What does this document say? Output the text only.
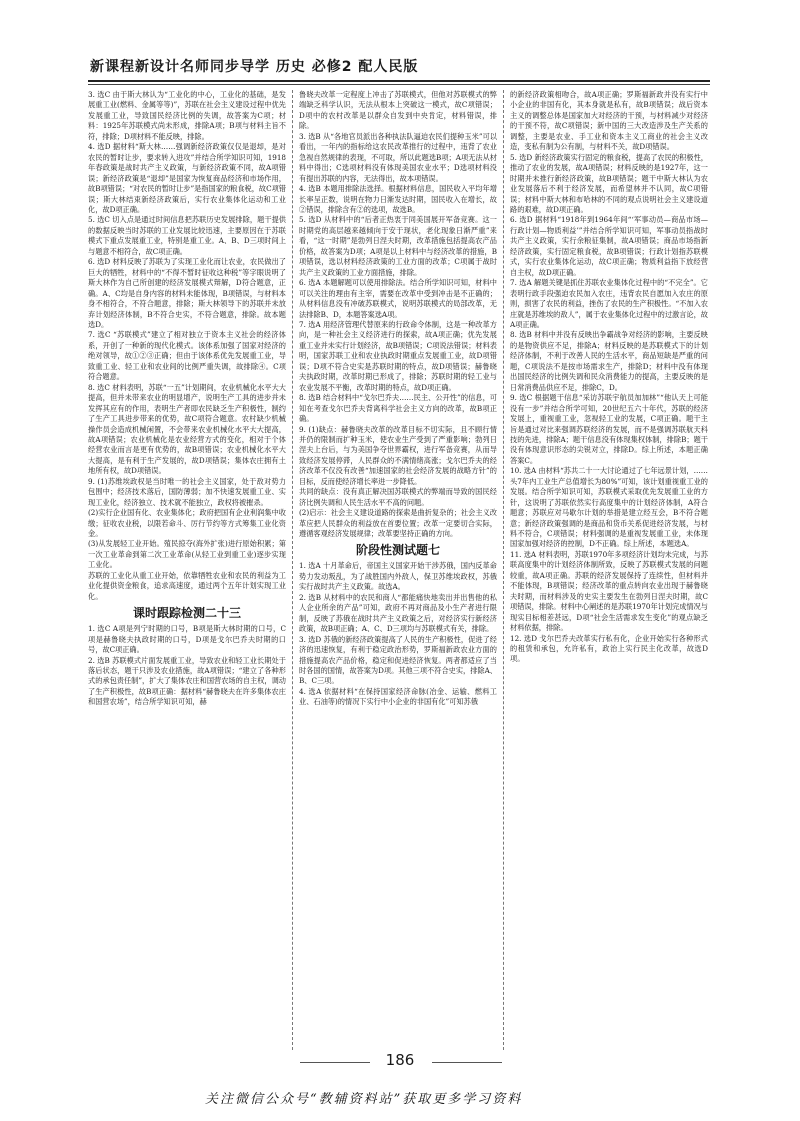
新课程新设计名师同步导学 历史 必修2 配人民版

3. 选C 由于斯大林认为“工业化的中心，工业化的基础，是发展重工业(燃料、金属等等)”，苏联在社会主义建设过程中优先发展重工业，导致国民经济比例的失调，故答案为C项；材料：1925年苏联模式尚未形成，排除A项；B项与材料主旨不符，排除；D项材料不能反映，排除。

4. 选D 据材料“斯大林……强调新经济政策仅仅是退却，是对农民的暂时让步，要求转入进攻”并结合所学知识可知，1918年春政策是战时共产主义政策，与新经济政策不同，故A项错误；新经济政策是“退却”是国家为恢复商品经济和市场作用，故B项错误；“对农民的暂时让步”是指国家的粮食税，故C项错误；斯大林结束新经济政策后，实行农业集体化运动和工业化，故D项正确。

5. 选C 切入点是通过时间信息把苏联历史发展排除，题干提供的数据反映当时苏联的工业发展比较迅速，主要原因在于苏联模式下重点发展重工业，特别是重工业。A、B、D三项时间上与题意不相符合，故C项正确。

6. 选D 材料反映了苏联为了实现工业化而让农业，农民做出了巨大的牺牲，材料中的“不得不暂时征收这种税”等字眼说明了斯大林作为自己所创建的经济发展模式辩解，D符合题意，正确。A、C均是自身内容的材料未能体现，B项错误，与材料本身不相符合，不符合题意，排除；斯大林领导下的苏联并未放弃计划经济体制，B不符合史实，不符合题意，排除。故本题选D。

7. 选C “苏联模式”建立了相对独立于资本主义社会的经济体系，开创了一种新的现代化模式。该体系加强了国家对经济的绝对领导，故①②③正确；但由于该体系优先发展重工业，导致重工业、轻工业和农业间的比例严重失调，故排除④。C项符合题意。

8. 选C 材料表明，苏联“一五”计划期间，农业机械化水平大大提高，但并未带来农业的明显增产，说明生产工具的进步并未发挥其应有的作用，表明生产者即农民缺乏生产积极性，制约了生产工具进步带来的优势，故C项符合题意。农村缺少机械操作员会造成机械闲置，不会带来农业机械化水平大大提高，故A项错误；农业机械化是农业经营方式的变化，相对于个体经营农业而言是更有优势的，故B项错误；农业机械化水平大大提高，是有利于生产发展的，故D项错误；集体农庄拥有土地所有权，故D项错误。

9. (1)苏维埃政权是当时唯一的社会主义国家，处于敌对势力包围中；经济技术落后，国防薄弱；加不快速发展重工业、实现工业化，经济独立、技术就不能独立，政权将被摧杀。

(2)实行企业国有化、农业集体化；政府把国有企业利润集中收缴；征收农业税，以限若命斗、厉行节约等方式筹集工业化资金。

(3)从发展轻工业开始。殖民掠夺(海外扩张)进行原始积累；第一次工业革命到第二次工业革命(从轻工业到重工业)逐步实现工业化。

苏联的工业化从重工业开始，依靠牺牲农业和农民的利益为工业化提供资金粮食，追求高速度，通过两个五年计划实现工业化。

课时跟踪检测二十三

1. 选C A项是列宁时期的口号，B项是斯大林时期的口号，C项是赫鲁晓夫执政时期的口号，D项是戈尔巴乔夫时期的口号，故C项正确。

2. 选B 苏联模式片面发展重工业，导致农业和轻工业长期处于落后状态，题干只涉及农业措施，故A项错误；“建立了各种形式的承包责任制”，扩大了集体农庄和国营农场的自主权，调动了生产积极性，故B项正确：据材料“赫鲁晓夫在许多集体农庄和国营农场”，结合所学知识可知，赫

鲁晓夫改革一定程度上冲击了苏联模式，但他对苏联模式的弊端缺乏科学认识，无法从根本上突破这一模式，故C项错误；D项中的农村改革是以群众自发到中央肯定，材料错误，排除。

3. 选B 从“各地官员派出各种执法队逼迫农民们提种玉米”可以看出，一年内的指标给这农民改革推行的过程中，违背了农业急视自然规律的表现，不可取，所以此题选B项；A项无法从材料中得出；C选项材料没有体现美国农业水平；D选项材料没有提出苏联的内容，无法得出，故本项错误。

4. 选B 本题用排除法选择。根据材料信息，国民收入平均年增长率呈正数，说明在物力日渐发达时期，国民收入在增长，故②错误，排除含有②的选项，故选B。

5. 选D 从材料中的“后者正热衷于同美国展开军备竞赛。这一时期党的高层越来越倾向于安于现状，老化现象日渐严重”来看，“这一时期”是勃列日涅夫时期，改革措施包括提高农产品价格，故答案为D项；A项是以上材料中与经济改革的措施，B项错误，选以材料经济政策的工业方面的改革；C项属于战时共产主义政策的工业方面措施，排除。

6. 选A 本题解题可以使用排除法。结合所学知识可知，材料中可以关注的理由有主宰，需要在改革中受到冲击是不正确的；从材料信息没有冲破苏联模式，说明苏联模式的局部改革，无法排除B、D，本题答案选A项。

7. 选A 用经济管理代替原来的行政命令体制，这是一种改革方向，是一种社会主义经济进行的探索，故A项正确；优先发展重工业并未实行计划经济，故B项错误；C项说法错误；材料表明，国家苏联工业和农业执政时期重点发展重工业，故D项错误；D项不符合史实是苏联时期的特点，故D项错误；赫鲁晓夫执政时期，改革时期已形成了，排除；苏联时期的轻工业与农业发展不平衡，改革时期的特点，故D项正确。

8. 选B 结合材料中“戈尔巴乔夫……民主、公开性”的信息，可知在考查戈尔巴乔夫背离科学社会主义方向的改革，故B项正确。

9. (1)缺点：赫鲁晓夫改革的改革目标不切实际，且不顾行情并仍的限制而扩种玉米，使农业生产受到了严重影响；勃列日涅夫上台后，与为美国争夺世界霸权，进行军备竞赛，从而导致经济发展停滞，人民群众的不满情绪高涨；戈尔巴乔夫的经济改革不仅没有改善“加速国家的社会经济发展的战略方针”的目标，反而使经济增长率进一步降低。

共同的缺点：没有真正解决国苏联模式的弊端而导致的国民经济比例失调和人民生活水平不高的问题。

(2)启示：社会主义建设道路的探索是曲折复杂的；社会主义改革应把人民群众的利益放在首要位置；改革一定要切合实际，遵循客观经济发展规律；改革要坚持正确的方向。

阶段性测试题七

1. 选A 十月革命后，帝国主义国家开始干涉苏俄，国内反革命势力发动叛乱，为了战胜国内外敌人，保卫苏维埃政权，苏俄实行战时共产主义政策。故选A。

2. 选B 从材料中的农民和商人“都能痛快地卖出并出售他的私人企业所余的产品”可知，政府不再对商品及小生产者进行限制，反映了苏俄在战时共产主义政策之后，对经济实行新经济政策，故B项正确；A、C、D三项均与苏联模式有关，排除。

3. 选D 苏俄的新经济政策提高了人民的生产积极性，促进了经济的迅速恢复，有利于稳定政治形势，罗斯福新政农业方面的措施提高农产品价格，稳定和促进经济恢复。两者都适应了当时各国的国情，故答案为D项。其他三项不符合史实，排除A、B、C三项。

4. 选A 依据材料“在保持国家经济命脉(冶金、运输、燃料工业、石油等)的情况下实行中小企业的非国有化”可知苏俄

的新经济政策相吻合，故A项正确；罗斯福新政并没有实行中小企业的非国有化，其本身就是私有，故B项错误；战后资本主义的调整总体是国家加大对经济的干预，与材料减少对经济的干预不符，故C项错误；新中国的三大改造涉及生产关系的调整，主要是农业、手工业和资本主义工商业的社会主义改造，变私有制为公有制，与材料不关，故D项错误。

5. 选D 新经济政策实行固定的粮食税，提高了农民的积极性，推动了农业的发展，故A项错误；材料反映的是1927年，这一时期并未推行新经济政策，故B项错误；题干中斯大林认为农业发展落后不利于经济发展，而希望林并不认同，故C项错误；材料中斯大林和布哈林的不同的观点说明社会主义建设道路的艰难，故D项正确。

6. 选D 据材料“1918年到1964年间“‘军事动员—商品市场—行政计划—物质利益’”并结合所学知识可知，军事动员指战时共产主义政策，实行余粮征集制，故A项错误；商品市场指新经济政策，实行固定粮食税，故B项错误；行政计划指苏联模式，实行农业集体化运动，故C项正确；物质利益指下放经营自主权，故D项正确。

7. 选A 解题关键是抓住苏联农业集体化过程中的“不完全”。它表明行政手段强迫农民加入农庄，违背农民自愿加入农庄的原则，损害了农民的利益，挫伤了农民的生产积极性。“不加入农庄就是苏维埃的敌人”，属于农业集体化过程中的过激言论，故A项正确。

8. 选B 材料中并没有反映出争霸战争对经济的影响，主要反映的是物资供应不足，排除A；材料反映的是苏联模式下的计划经济体制，不利于改善人民的生活水平，商品短缺是严重的问题，C项说法不是按市场需求生产，排除D；材料中没有体现出国民经济的比例失调和民众消费能力的提高，主要反映的是日常消费品供应不足，排除C，D。

9. 选C 根据题干信息“采访苏联宇航员加加林”“他认天上可能没有一步”并结合所学可知，20世纪五六十年代，苏联的经济发展上，重视重工业，忽视轻工业的发展，C项正确。题干主旨是通过对比来强调苏联经济的发展，而不是强调苏联航天科技的先进，排除A；题干信息没有体现集权体制，排除B；题干没有体现意识形态的尖锐对立，排除D。综上所述，本题正确答案C。

10. 选A 由材料“苏共二十一大讨论通过了七年远景计划，……头7年内工业生产总值增长为80%”可知，该计划重视重工业的发展。结合所学知识可知，苏联模式采取优先发展重工业的方针，这说明了苏联依然实行高度集中的计划经济体制，A符合题意；苏联应对马歇尔计划的举措是建立经互会，B不符合题意；新经济政策强调的是商品和货币关系促进经济发展，与材料不符合，C项错误；材料强调的是重视发展重工业，未体现国家加强对经济的控制，D不正确。综上所述，本题选A。

11. 选A 材料表明，苏联1970年多项经济计划均未完成，与苏联高度集中的计划经济体制所致，反映了苏联模式发展的问题较重，故A项正确。苏联的经济发展保持了连续性，但材料并不能体现，B项错误；经济改革的重点转向农业出现于赫鲁晓夫时期，而材料涉及的史实主要发生在勃列日涅夫时期，故C项错误，排除。材料中心阐述的是苏联1970年计划完成情况与现实目标相差甚远，D项“社会生活需求发生变化”的观点缺乏材料依据，排除。

12. 选D 戈尔巴乔夫改革实行私有化，企业开始实行各种形式的租赁和承包，允许私有，政治上实行民主化改革，故选D项。

186
关注微信公众号“教辅资料站”获取更多学习资料
